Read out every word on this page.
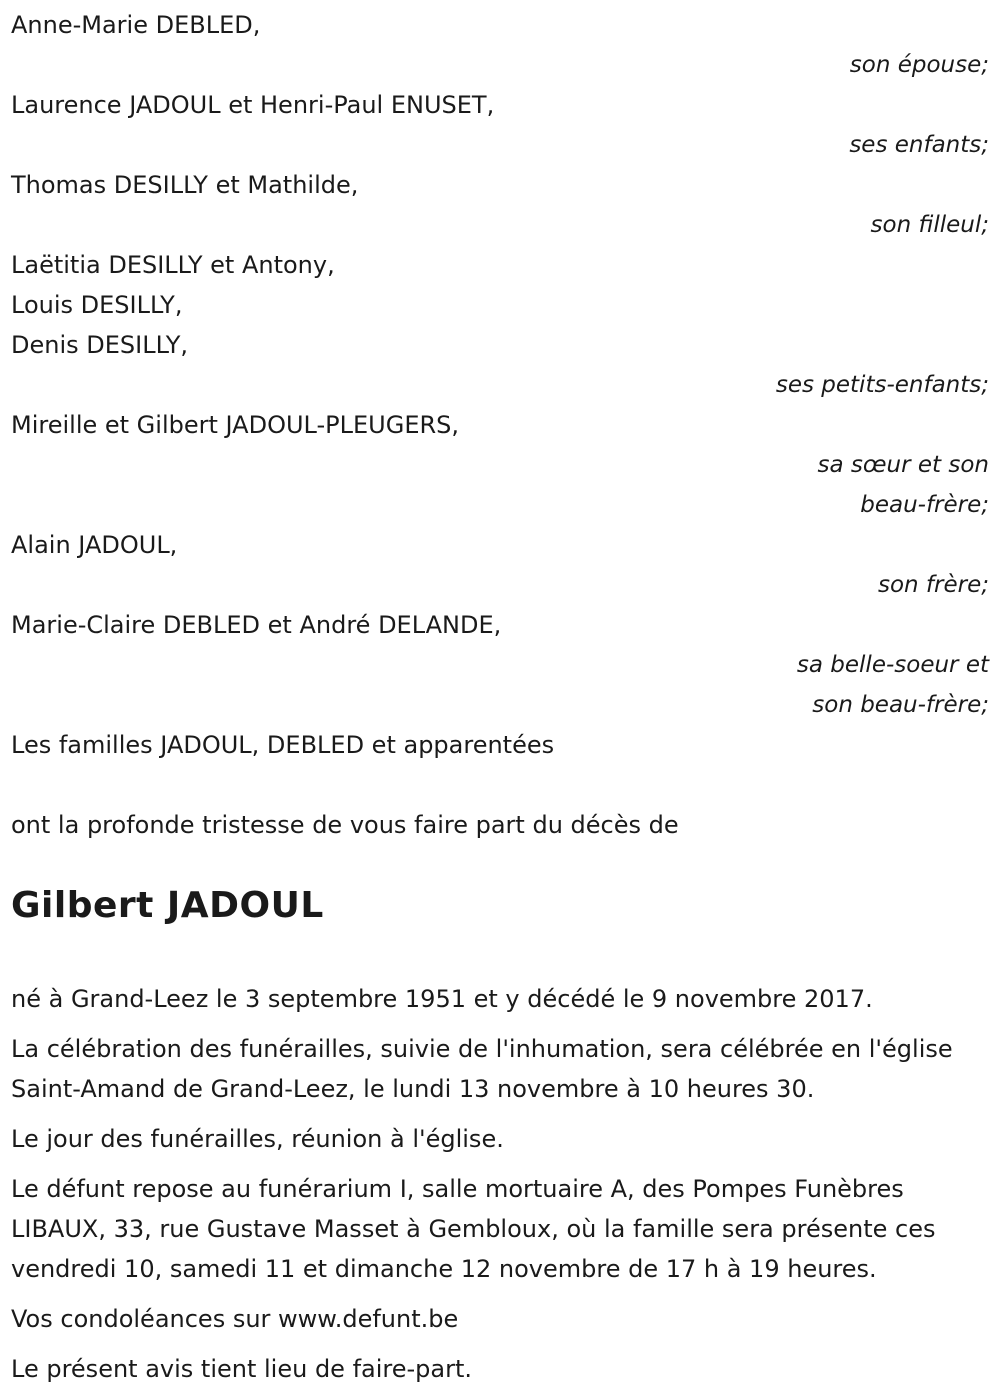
Anne-Marie DEBLED,
son épouse;
Laurence JADOUL et Henri-Paul ENUSET,
ses enfants;
Thomas DESILLY et Mathilde,
son filleul;
Laëtitia DESILLY et Antony,
Louis DESILLY,
Denis DESILLY,
ses petits-enfants;
Mireille et Gilbert JADOUL-PLEUGERS,
sa sœur et son
beau-frère;
Alain JADOUL,
son frère;
Marie-Claire DEBLED et André DELANDE,
sa belle-soeur et
son beau-frère;
Les familles JADOUL, DEBLED et apparentées
ont la profonde tristesse de vous faire part du décès de
Gilbert JADOUL

né à Grand-Leez le 3 septembre 1951 et y décédé le 9 novembre 2017.

La célébration des funérailles, suivie de l'inhumation, sera célébrée en l'église Saint-Amand de Grand-Leez, le lundi 13 novembre à 10 heures 30.

Le jour des funérailles, réunion à l'église.

Le défunt repose au funérarium I, salle mortuaire A, des Pompes Funèbres LIBAUX, 33, rue Gustave Masset à Gembloux, où la famille sera présente ces vendredi 10, samedi 11 et dimanche 12 novembre de 17 h à 19 heures.

Vos condoléances sur www.defunt.be

Le présent avis tient lieu de faire-part.
